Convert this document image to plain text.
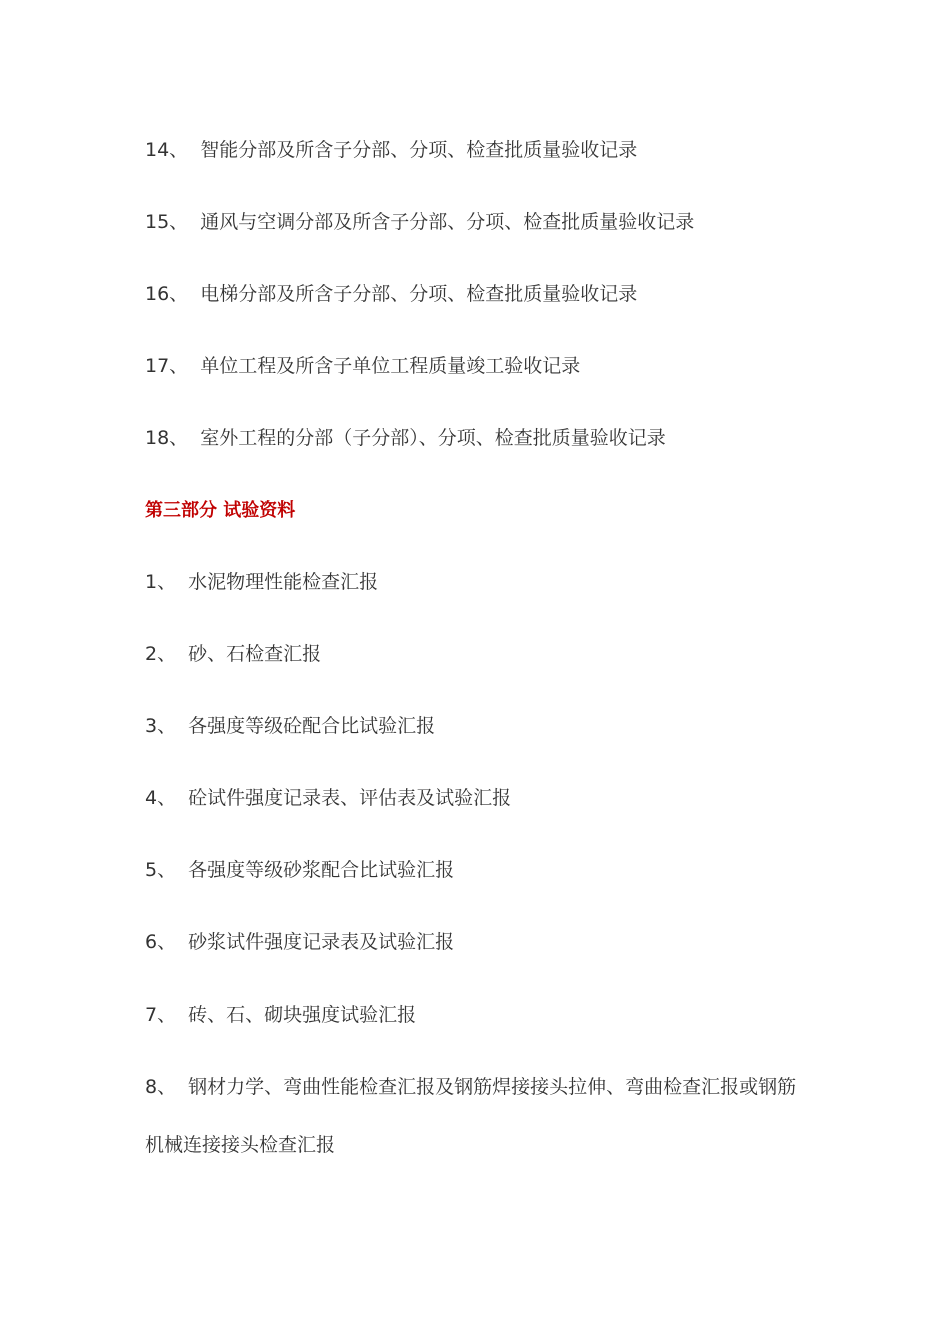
14、 智能分部及所含子分部、分项、检查批质量验收记录
15、 通风与空调分部及所含子分部、分项、检查批质量验收记录
16、 电梯分部及所含子分部、分项、检查批质量验收记录
17、 单位工程及所含子单位工程质量竣工验收记录
18、 室外工程的分部（子分部）、分项、检查批质量验收记录
第三部分 试验资料
1、 水泥物理性能检查汇报
2、 砂、石检查汇报
3、 各强度等级砼配合比试验汇报
4、 砼试件强度记录表、评估表及试验汇报
5、 各强度等级砂浆配合比试验汇报
6、 砂浆试件强度记录表及试验汇报
7、 砖、石、砌块强度试验汇报
8、 钢材力学、弯曲性能检查汇报及钢筋焊接接头拉伸、弯曲检查汇报或钢筋机械连接接头检查汇报
